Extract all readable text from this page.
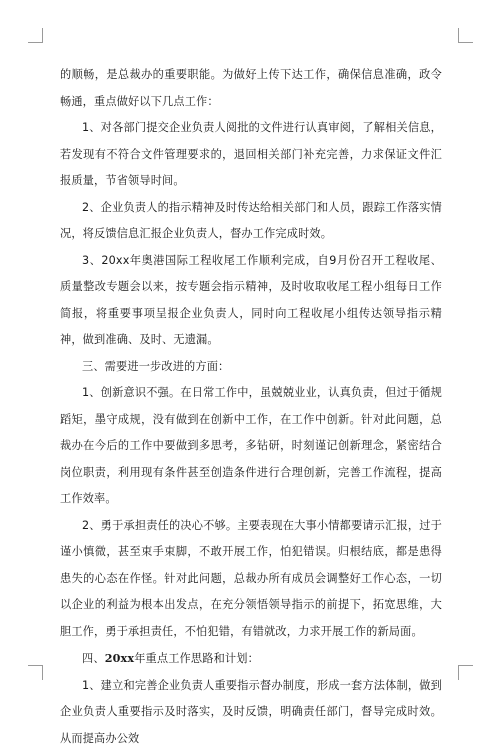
的顺畅，是总裁办的重要职能。为做好上传下达工作，确保信息准确，政令畅通，重点做好以下几点工作：

1、对各部门提交企业负责人阅批的文件进行认真审阅，了解相关信息，若发现有不符合文件管理要求的，退回相关部门补充完善，力求保证文件汇报质量，节省领导时间。

2、企业负责人的指示精神及时传达给相关部门和人员，跟踪工作落实情况，将反馈信息汇报企业负责人，督办工作完成时效。

3、20xx年奥港国际工程收尾工作顺利完成，自9月份召开工程收尾、质量整改专题会以来，按专题会指示精神，及时收取收尾工程小组每日工作简报，将重要事项呈报企业负责人，同时向工程收尾小组传达领导指示精神，做到准确、及时、无遗漏。

三、需要进一步改进的方面：

1、创新意识不强。在日常工作中，虽兢兢业业，认真负责，但过于循规蹈矩，墨守成规，没有做到在创新中工作，在工作中创新。针对此问题，总裁办在今后的工作中要做到多思考，多钻研，时刻谨记创新理念，紧密结合岗位职责，利用现有条件甚至创造条件进行合理创新，完善工作流程，提高工作效率。

2、勇于承担责任的决心不够。主要表现在大事小情都要请示汇报，过于谨小慎微，甚至束手束脚，不敢开展工作，怕犯错误。归根结底，都是患得患失的心态在作怪。针对此问题，总裁办所有成员会调整好工作心态，一切以企业的利益为根本出发点，在充分领悟领导指示的前提下，拓宽思维，大胆工作，勇于承担责任，不怕犯错，有错就改，力求开展工作的新局面。

四、20xx年重点工作思路和计划：

1、建立和完善企业负责人重要指示督办制度，形成一套方法体制，做到企业负责人重要指示及时落实，及时反馈，明确责任部门，督导完成时效。从而提高办公效
